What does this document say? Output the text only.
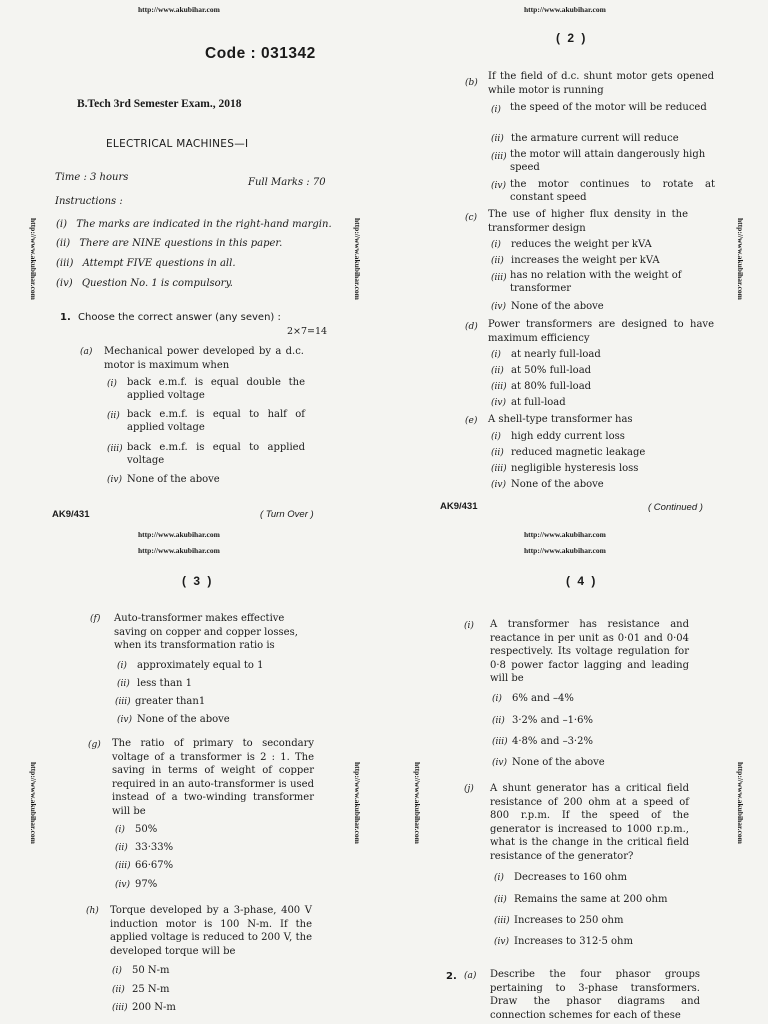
http://www.akubihar.com
http://www.akubihar.com	http://www.akubihar.com
Code : 031342
B.Tech 3rd Semester Exam., 2018
ELECTRICAL MACHINES—I
Time : 3 hours	Full Marks : 70
Instructions :
(i) The marks are indicated in the right-hand margin.
(ii) There are NINE questions in this paper.
(iii) Attempt FIVE questions in all.
(iv) Question No. 1 is compulsory.
1. Choose the correct answer (any seven) :
2×7=14
(a) Mechanical power developed by a d.c. motor is maximum when
(i)	back e.m.f. is equal double the applied voltage
(ii) back e.m.f. is equal to half of applied voltage
(iii) back e.m.f. is equal to applied voltage
(iv) None of the above
AK9/431	( Turn Over )
http://www.akubihar.com
http://www.akubihar.com
( 2 )
(b)
If the field of d.c. shunt motor gets opened while motor is running
(i) the speed of the motor will be reduced
(ii) the armature current will reduce
(iii) the motor will attain dangerously high speed
(iv) the motor continues to rotate at constant speed
(c) The use of higher flux density in the transformer design
(i) reduces the weight per kVA
(ii) increases the weight per kVA
(iii) has no relation with the weight of transformer
(iv) None of the above
(d) Power transformers are designed to have maximum efficiency
(i) at nearly full-load
(ii) at 50% full-load
(iii) at 80% full-load
(iv) at full-load
(e) A shell-type transformer has
(i) high eddy current loss
(ii) reduced magnetic leakage
(iii) negligible hysteresis loss
(iv) None of the above
AK9/431	( Continued )
http://www.akubihar.com
http://www.akubihar.com
http://www.akubihar.com	http://www.akubihar.com
( 3 )
(f) Auto-transformer makes effective saving on copper and copper losses, when its transformation ratio is
(i) approximately equal to 1
(ii) less than 1
(iii) greater than1
(iv) None of the above
(g) The ratio of primary to secondary voltage of a transformer is 2 : 1. The saving in terms of weight of copper required in an auto-transformer is used instead of a two-winding transformer will be
(i) 50%
(ii) 33·33%
(iii) 66·67%
(iv) 97%
(h) Torque developed by a 3-phase, 400 V induction motor is 100 N-m. If the applied voltage is reduced to 200 V, the developed torque will be
(i) 50 N-m
(ii) 25 N-m
(iii) 200 N-m
http://www.akubihar.com
http://www.akubihar.com
http://www.akubihar.com	http://www.akubihar.com
( 4 )
(i) A transformer has resistance and reactance in per unit as 0·01 and 0·04 respectively. Its voltage regulation for 0·8 power factor lagging and leading will be
(i) 6% and –4%
(ii) 3·2% and –1·6%
(iii) 4·8% and –3·2%
(iv) None of the above
(j) A shunt generator has a critical field resistance of 200 ohm at a speed of 800 r.p.m. If the speed of the generator is increased to 1000 r.p.m., what is the change in the critical field resistance of the generator?
(i) Decreases to 160 ohm
(ii) Remains the same at 200 ohm
(iii) Increases to 250 ohm
(iv) Increases to 312·5 ohm
2. (a) Describe the four phasor groups pertaining to 3-phase transformers. Draw the phasor diagrams and connection schemes for each of these
